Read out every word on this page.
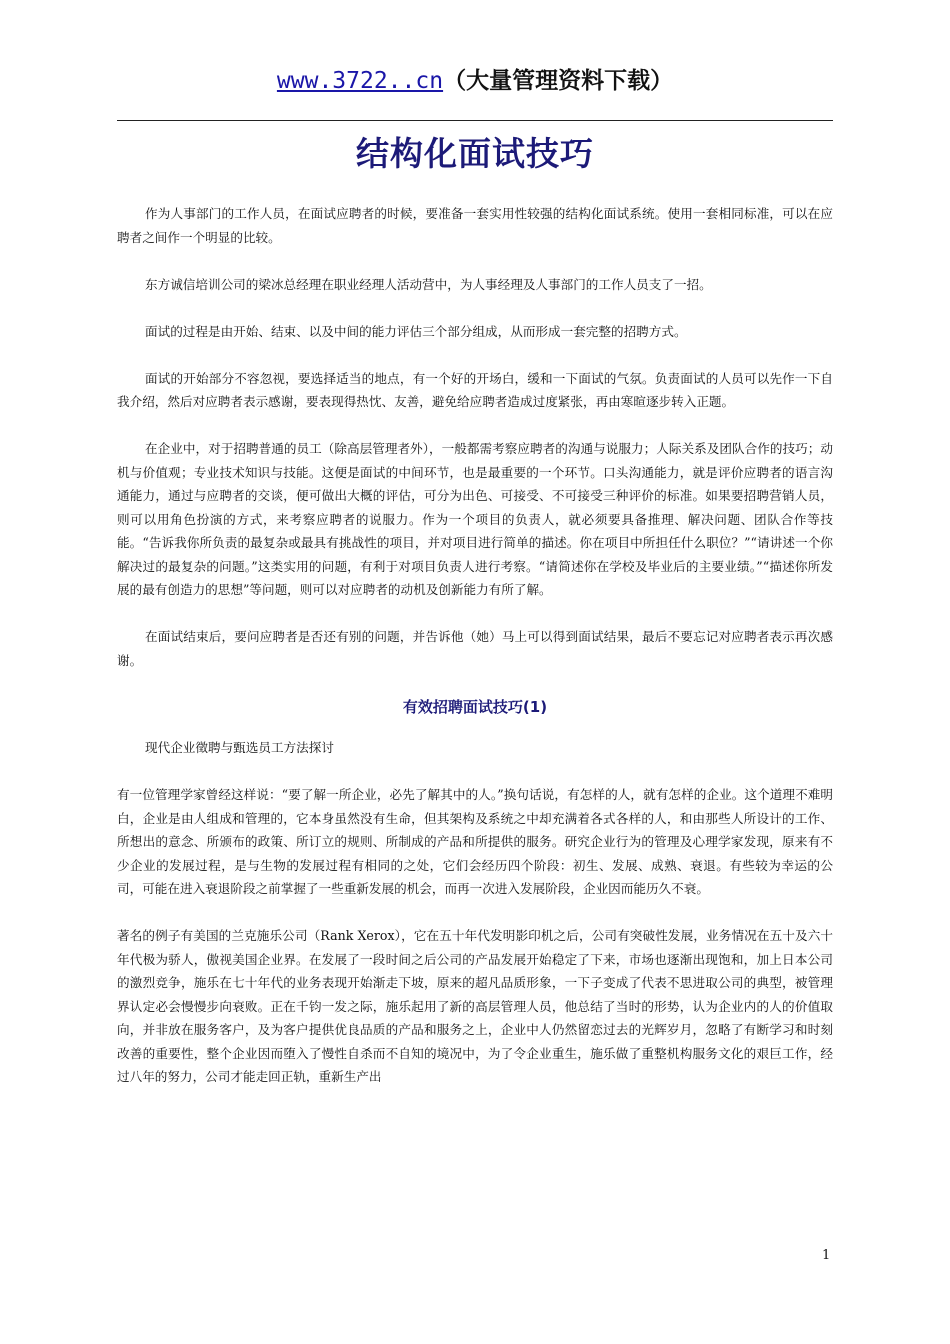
www.3722..cn（大量管理资料下载）
结构化面试技巧

作为人事部门的工作人员，在面试应聘者的时候，要准备一套实用性较强的结构化面试系统。使用一套相同标准，可以在应聘者之间作一个明显的比较。

东方诚信培训公司的梁冰总经理在职业经理人活动营中，为人事经理及人事部门的工作人员支了一招。

面试的过程是由开始、结束、以及中间的能力评估三个部分组成，从而形成一套完整的招聘方式。

面试的开始部分不容忽视，要选择适当的地点，有一个好的开场白，缓和一下面试的气氛。负责面试的人员可以先作一下自我介绍，然后对应聘者表示感谢，要表现得热忱、友善，避免给应聘者造成过度紧张，再由寒暄逐步转入正题。

在企业中，对于招聘普通的员工（除高层管理者外），一般都需考察应聘者的沟通与说服力；人际关系及团队合作的技巧；动机与价值观；专业技术知识与技能。这便是面试的中间环节，也是最重要的一个环节。口头沟通能力，就是评价应聘者的语言沟通能力，通过与应聘者的交谈，便可做出大概的评估，可分为出色、可接受、不可接受三种评价的标准。如果要招聘营销人员，则可以用角色扮演的方式，来考察应聘者的说服力。作为一个项目的负责人，就必须要具备推理、解决问题、团队合作等技能。“告诉我你所负责的最复杂或最具有挑战性的项目，并对项目进行简单的描述。你在项目中所担任什么职位？”“请讲述一个你解决过的最复杂的问题。”这类实用的问题，有利于对项目负责人进行考察。“请简述你在学校及毕业后的主要业绩。”“描述你所发展的最有创造力的思想”等问题，则可以对应聘者的动机及创新能力有所了解。

在面试结束后，要问应聘者是否还有别的问题，并告诉他（她）马上可以得到面试结果，最后不要忘记对应聘者表示再次感谢。

有效招聘面试技巧(1)

现代企业徵聘与甄选员工方法探讨

有一位管理学家曾经这样说：“要了解一所企业，必先了解其中的人。”换句话说，有怎样的人，就有怎样的企业。这个道理不难明白，企业是由人组成和管理的，它本身虽然没有生命，但其架构及系统之中却充满着各式各样的人，和由那些人所设计的工作、所想出的意念、所颁布的政策、所订立的规则、所制成的产品和所提供的服务。研究企业行为的管理及心理学家发现，原来有不少企业的发展过程，是与生物的发展过程有相同的之处，它们会经历四个阶段：初生、发展、成熟、衰退。有些较为幸运的公司，可能在进入衰退阶段之前掌握了一些重新发展的机会，而再一次进入发展阶段，企业因而能历久不衰。

著名的例子有美国的兰克施乐公司（Rank Xerox），它在五十年代发明影印机之后，公司有突破性发展，业务情况在五十及六十年代极为骄人，傲视美国企业界。在发展了一段时间之后公司的产品发展开始稳定了下来，市场也逐渐出现饱和，加上日本公司的激烈竞争，施乐在七十年代的业务表现开始渐走下坡，原来的超凡品质形象，一下子变成了代表不思进取公司的典型，被管理界认定必会慢慢步向衰败。正在千钧一发之际，施乐起用了新的高层管理人员，他总结了当时的形势，认为企业内的人的价值取向，并非放在服务客户，及为客户提供优良品质的产品和服务之上，企业中人仍然留恋过去的光辉岁月，忽略了有断学习和时刻改善的重要性，整个企业因而堕入了慢性自杀而不自知的境况中，为了令企业重生，施乐做了重整机构服务文化的艰巨工作，经过八年的努力，公司才能走回正轨，重新生产出

1
